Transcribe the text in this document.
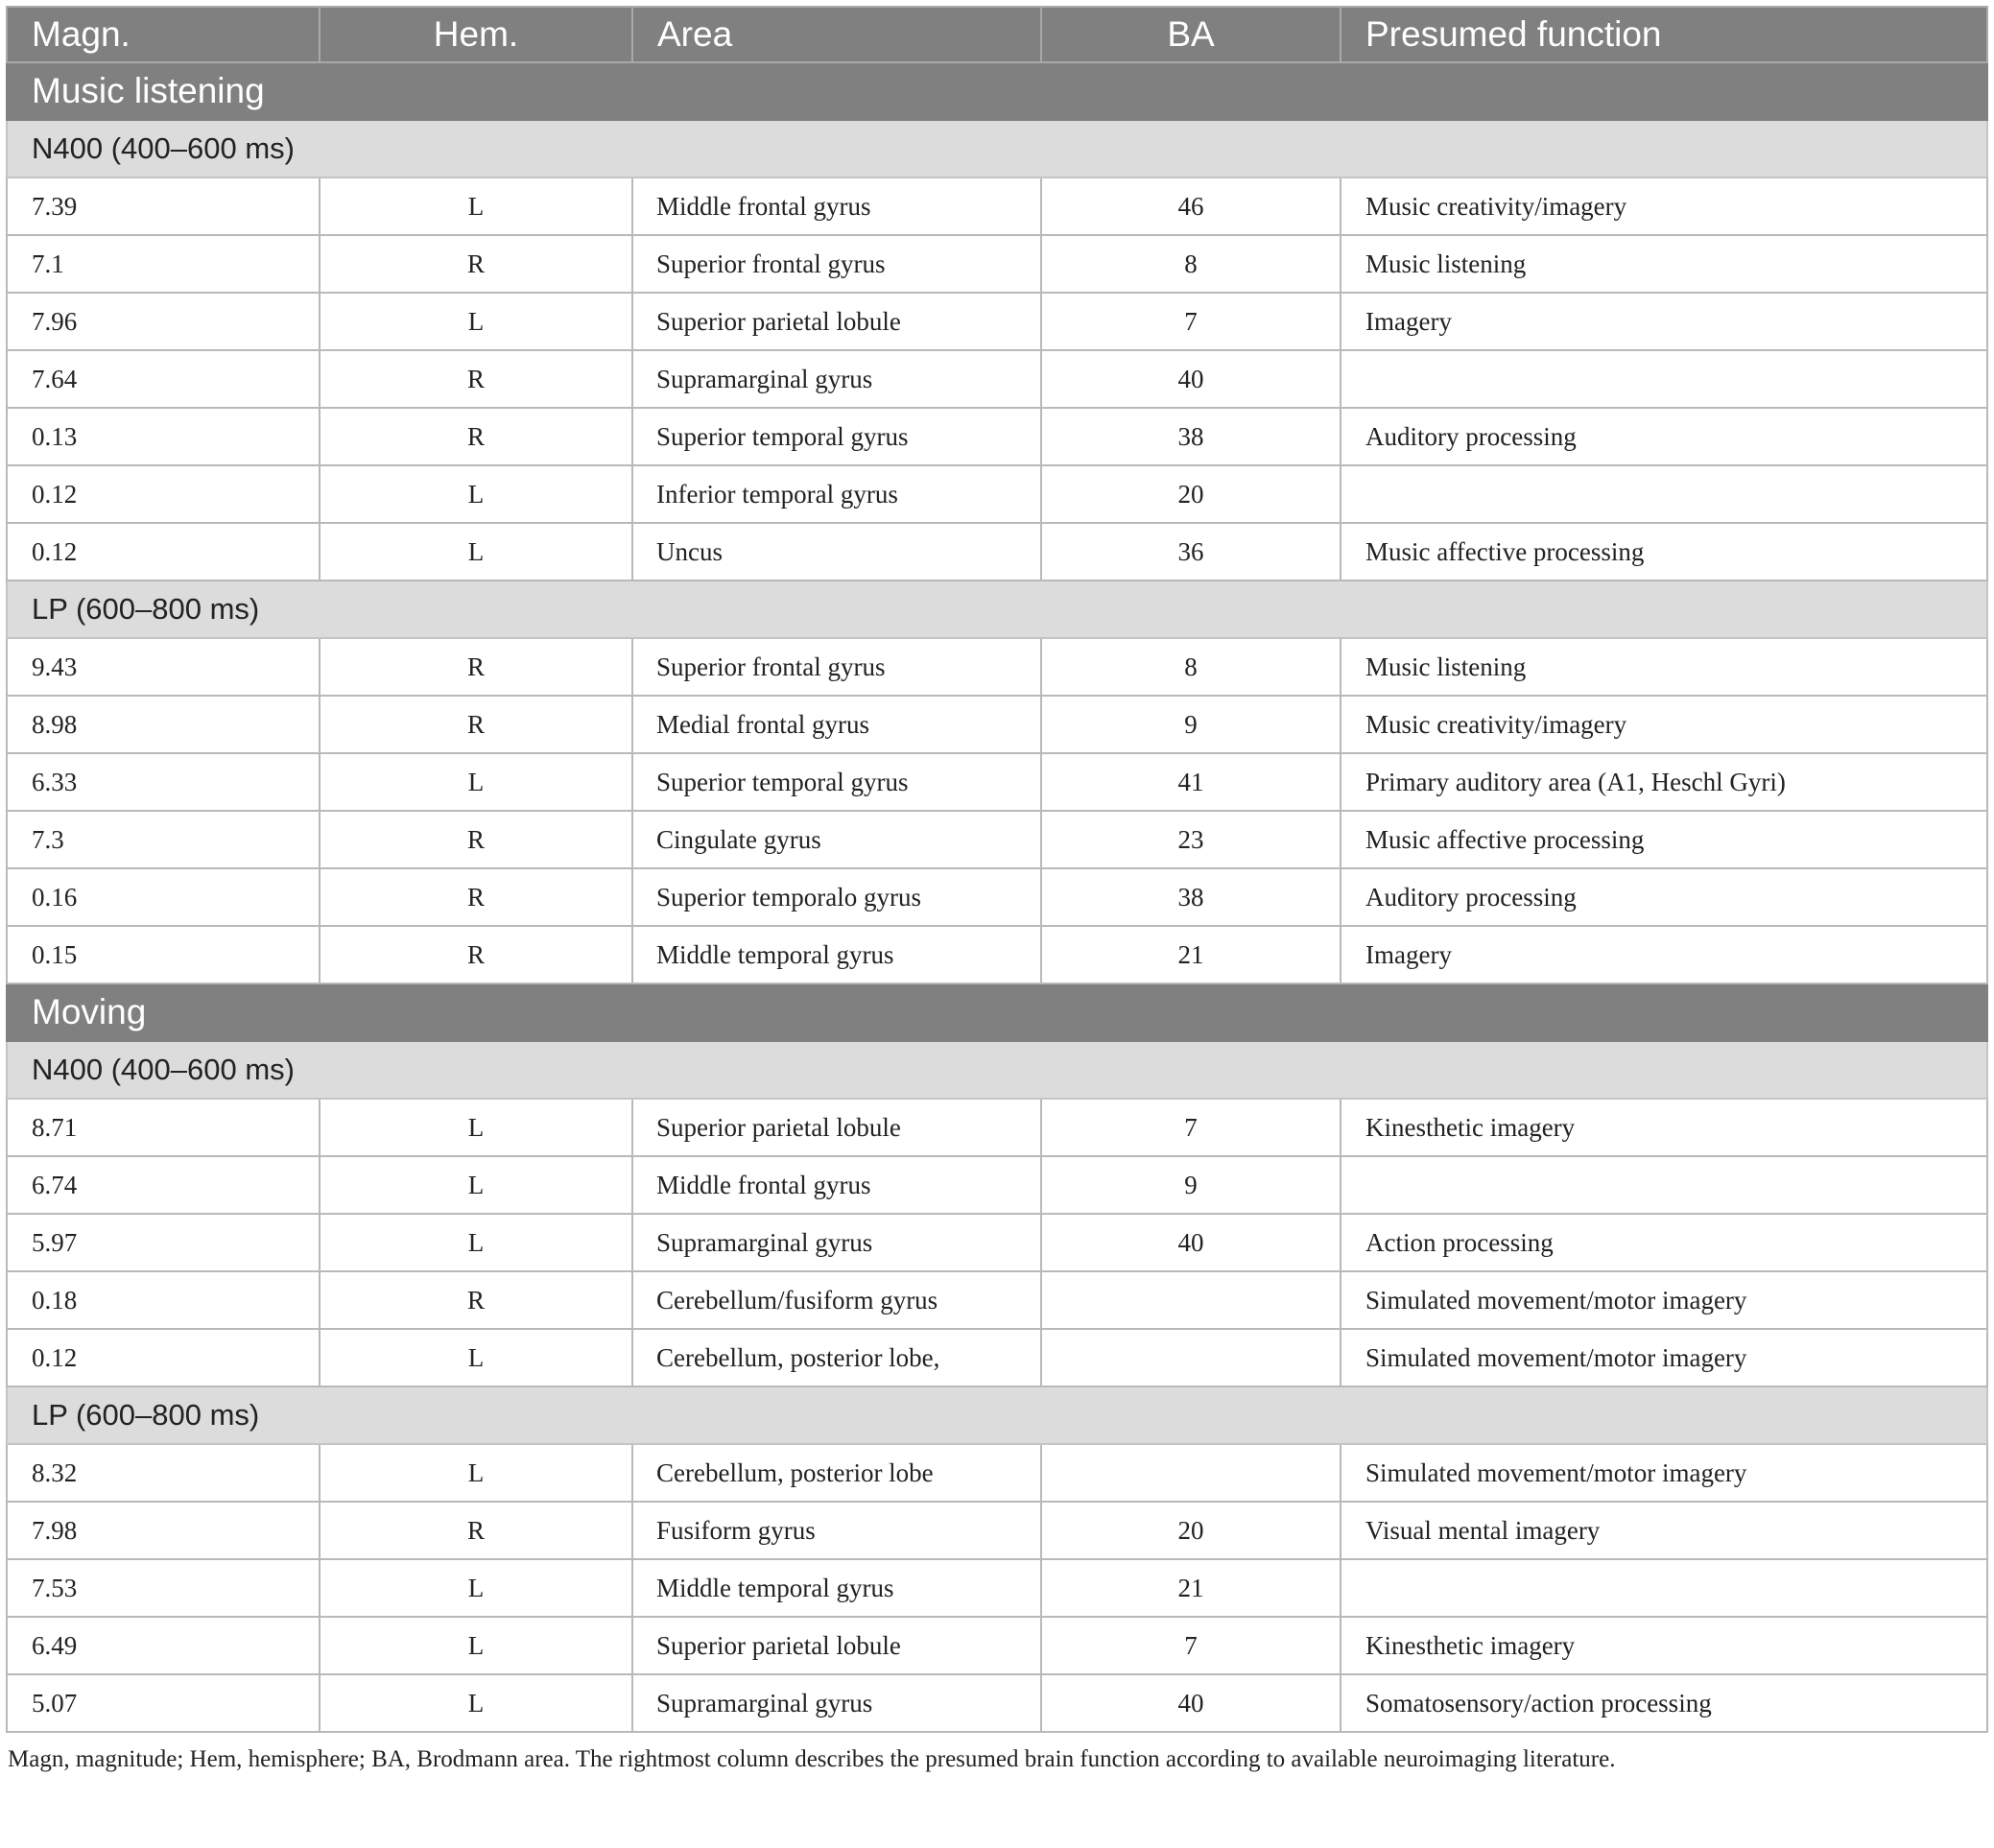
Magn.	Hem.	Area	BA	Presumed function
Music listening				
N400 (400–600 ms)				
7.39	L	Middle frontal gyrus	46	Music creativity/imagery
7.1	R	Superior frontal gyrus	8	Music listening
7.96	L	Superior parietal lobule	7	Imagery
7.64	R	Supramarginal gyrus	40	
0.13	R	Superior temporal gyrus	38	Auditory processing
0.12	L	Inferior temporal gyrus	20	
0.12	L	Uncus	36	Music affective processing
LP (600–800 ms)				
9.43	R	Superior frontal gyrus	8	Music listening
8.98	R	Medial frontal gyrus	9	Music creativity/imagery
6.33	L	Superior temporal gyrus	41	Primary auditory area (A1, Heschl Gyri)
7.3	R	Cingulate gyrus	23	Music affective processing
0.16	R	Superior temporalo gyrus	38	Auditory processing
0.15	R	Middle temporal gyrus	21	Imagery
Moving				
N400 (400–600 ms)				
8.71	L	Superior parietal lobule	7	Kinesthetic imagery
6.74	L	Middle frontal gyrus	9	
5.97	L	Supramarginal gyrus	40	Action processing
0.18	R	Cerebellum/fusiform gyrus		Simulated movement/motor imagery
0.12	L	Cerebellum, posterior lobe,		Simulated movement/motor imagery
LP (600–800 ms)				
8.32	L	Cerebellum, posterior lobe		Simulated movement/motor imagery
7.98	R	Fusiform gyrus	20	Visual mental imagery
7.53	L	Middle temporal gyrus	21	
6.49	L	Superior parietal lobule	7	Kinesthetic imagery
5.07	L	Supramarginal gyrus	40	Somatosensory/action processing
Magn, magnitude; Hem, hemisphere; BA, Brodmann area. The rightmost column describes the presumed brain function according to available neuroimaging literature.
